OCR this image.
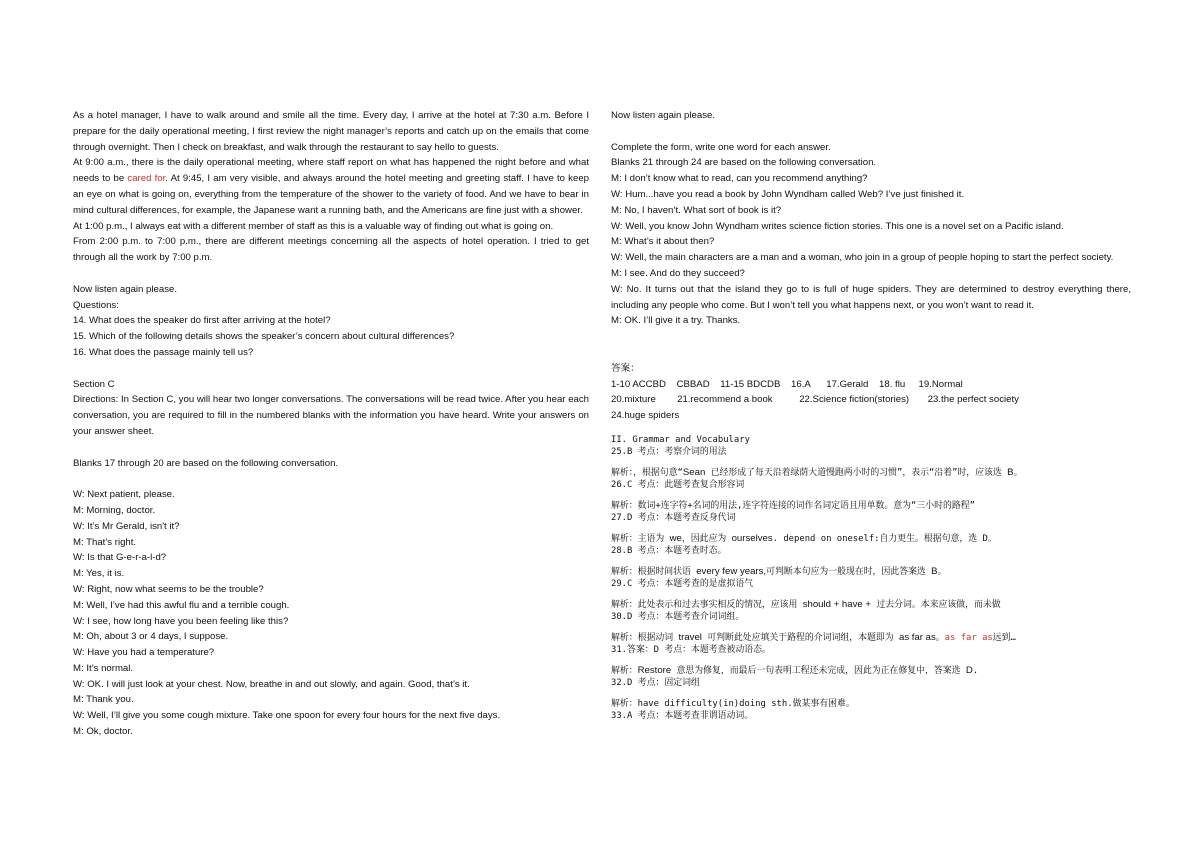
As a hotel manager, I have to walk around and smile all the time. Every day, I arrive at the hotel at 7:30 a.m. Before I prepare for the daily operational meeting, I first review the night manager’s reports and catch up on the emails that come through overnight. Then I check on breakfast, and walk through the restaurant to say hello to guests.

At 9:00 a.m., there is the daily operational meeting, where staff report on what has happened the night before and what needs to be cared for. At 9:45, I am very visible, and always around the hotel meeting and greeting staff. I have to keep an eye on what is going on, everything from the temperature of the shower to the variety of food. And we have to bear in mind cultural differences, for example, the Japanese want a running bath, and the Americans are fine just with a shower.

At 1:00 p.m., I always eat with a different member of staff as this is a valuable way of finding out what is going on.

From 2:00 p.m. to 7:00 p.m., there are different meetings concerning all the aspects of hotel operation. I tried to get through all the work by 7:00 p.m.

Now listen again please.

Questions:

14. What does the speaker do first after arriving at the hotel?

15. Which of the following details shows the speaker’s concern about cultural differences?

16. What does the passage mainly tell us?

Section C

Directions: In Section C, you will hear two longer conversations. The conversations will be read twice. After you hear each conversation, you are required to fill in the numbered blanks with the information you have heard. Write your answers on your answer sheet.

Blanks 17 through 20 are based on the following conversation.

W: Next patient, please.

M: Morning, doctor.

W: It’s Mr Gerald, isn't it?

M: That’s right.

W: Is that G-e-r-a-l-d?

M: Yes, it is.

W: Right, now what seems to be the trouble?

M: Well, I’ve had this awful flu and a terrible cough.

W: I see, how long have you been feeling like this?

M: Oh, about 3 or 4 days, I suppose.

W: Have you had a temperature?

M: It’s normal.

W: OK. I will just look at your chest. Now, breathe in and out slowly, and again. Good, that’s it.

M: Thank you.

W: Well, I’ll give you some cough mixture. Take one spoon for every four hours for the next five days.

M: Ok, doctor.

Now listen again please.

Complete the form, write one word for each answer.

Blanks 21 through 24 are based on the following conversation.

M: I don’t know what to read, can you recommend anything?

W: Hum...have you read a book by John Wyndham called Web? I’ve just finished it.

M: No, I haven’t. What sort of book is it?

W: Well, you know John Wyndham writes science fiction stories. This one is a novel set on a Pacific island.

M: What’s it about then?

W: Well, the main characters are a man and a woman, who join in a group of people hoping to start the perfect society.

M: I see. And do they succeed?

W: No. It turns out that the island they go to is full of huge spiders. They are determined to destroy everything there, including any people who come. But I won’t tell you what happens next, or you won’t want to read it.

M: OK. I’ll give it a try. Thanks.

答案：

1-10 ACCBD    CBBAD    11-15 BDCDB    16.A      17.Gerald    18. flu     19.Normal

20.mixture        21.recommend a book          22.Science fiction(stories)       23.the perfect society

24.huge spiders

II. Grammar and Vocabulary

25.B 考点：考察介词的用法

解析：，根据句意“Sean 已经形成了每天沿着绿荫大道慢跑两小时的习惯”，表示“沿着”时，应该选 B。

26.C 考点：此题考查复合形容词

解析：数词+连字符+名词的用法,连字符连接的词作名词定语且用单数。意为“三小时的路程”

27.D 考点：本题考查反身代词

解析：主语为 we，因此应为 ourselves. depend on oneself:自力更生。根据句意，选 D。

28.B 考点：本题考查时态。

解析：根据时间状语 every few years,可判断本句应为一般现在时，因此答案选 B。

29.C 考点：本题考查的是虚拟语气

解析：此处表示和过去事实相反的情况，应该用 should + have + 过去分词。本来应该做，而未做

30.D 考点：本题考查介词词组。

解析：根据动词 travel 可判断此处应填关于路程的介词词组，本题即为 as far as。as far as远到…

31.答案：D 考点：本题考查被动语态。

解析：Restore 意思为修复，而最后一句表明工程还未完成，因此为正在修复中，答案选 D.

32.D 考点：固定词组

解析：have difficulty(in)doing sth.做某事有困难。

33.A 考点：本题考查非谓语动词。
